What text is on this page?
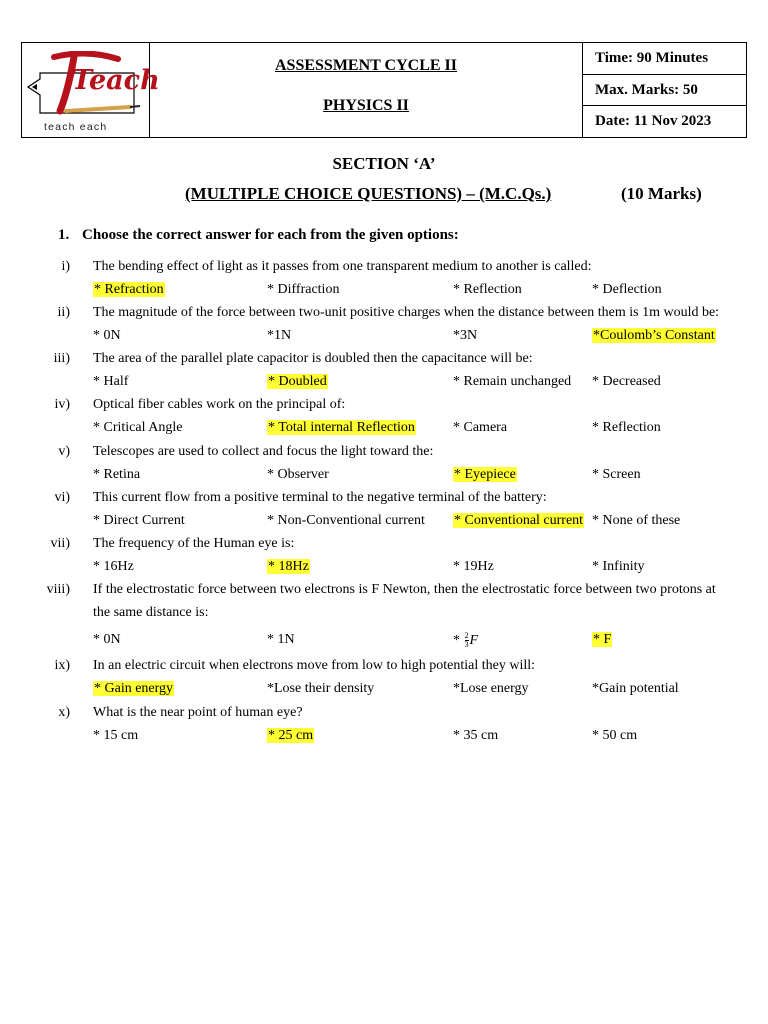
Teach
teach each
ASSESSMENT CYCLE II
PHYSICS II
Time: 90 Minutes
Max. Marks: 50
Date: 11 Nov 2023
SECTION ‘A’
(MULTIPLE CHOICE QUESTIONS) – (M.C.Qs.)	(10 Marks)
1. Choose the correct answer for each from the given options:
i) The bending effect of light as it passes from one transparent medium to another is called:
* Refraction	* Diffraction	* Reflection	* Deflection
ii) The magnitude of the force between two-unit positive charges when the distance between them is 1m would be:
* 0N	*1N	*3N	*Coulomb’s Constant
iii) The area of the parallel plate capacitor is doubled then the capacitance will be:
* Half	* Doubled	* Remain unchanged * Decreased
iv) Optical fiber cables work on the principal of:
* Critical Angle	* Total internal Reflection	* Camera	* Reflection
v) Telescopes are used to collect and focus the light toward the:
* Retina	* Observer	* Eyepiece	* Screen
vi) This current flow from a positive terminal to the negative terminal of the battery:
* Direct Current	* Non-Conventional current * Conventional current * None of these
vii) The frequency of the Human eye is:
* 16Hz	* 18Hz	* 19Hz	* Infinity
viii) If the electrostatic force between two electrons is F Newton, then the electrostatic force between two protons at
the same distance is:
* 0N	* 1N	* $\frac{2}{3}$ F	* F
ix) In an electric circuit when electrons move from low to high potential they will:
* Gain energy	*Lose their density	*Lose energy	*Gain potential
x) What is the near point of human eye?
* 15 cm	* 25 cm	* 35 cm	* 50 cm
